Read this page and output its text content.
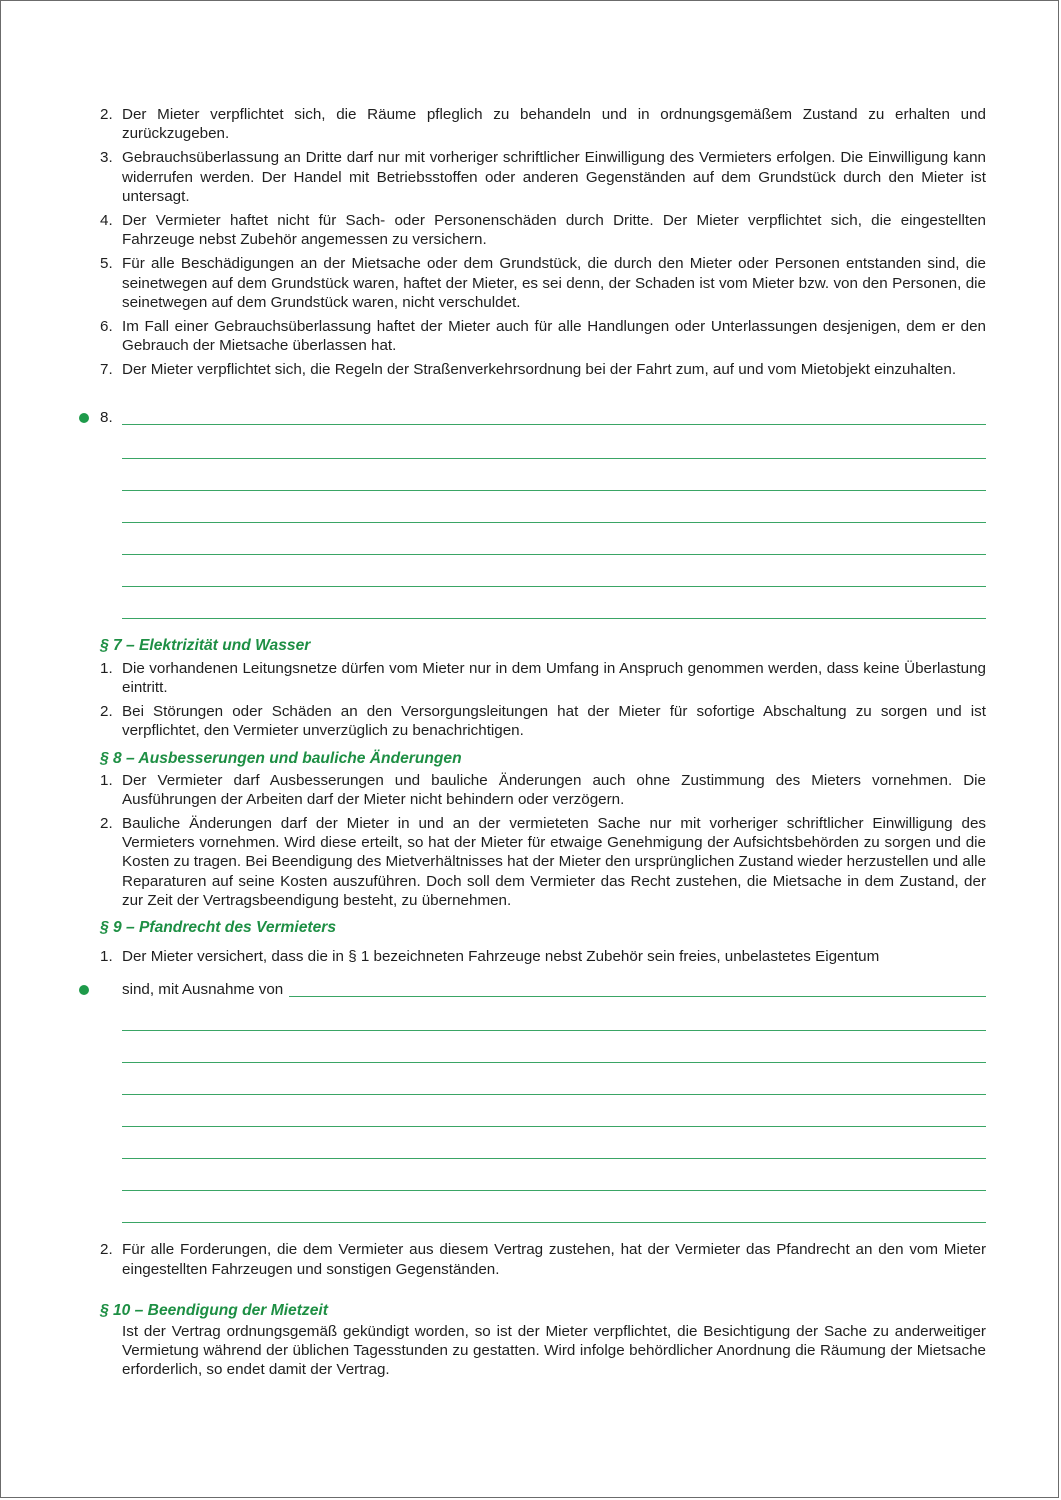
2. Der Mieter verpflichtet sich, die Räume pfleglich zu behandeln und in ordnungsgemäßem Zustand zu erhalten und zurückzugeben.
3. Gebrauchsüberlassung an Dritte darf nur mit vorheriger schriftlicher Einwilligung des Vermieters erfolgen. Die Einwilligung kann widerrufen werden. Der Handel mit Betriebsstoffen oder anderen Gegenständen auf dem Grundstück durch den Mieter ist untersagt.
4. Der Vermieter haftet nicht für Sach- oder Personenschäden durch Dritte. Der Mieter verpflichtet sich, die eingestellten Fahrzeuge nebst Zubehör angemessen zu versichern.
5. Für alle Beschädigungen an der Mietsache oder dem Grundstück, die durch den Mieter oder Personen entstanden sind, die seinetwegen auf dem Grundstück waren, haftet der Mieter, es sei denn, der Schaden ist vom Mieter bzw. von den Personen, die seinetwegen auf dem Grundstück waren, nicht verschuldet.
6. Im Fall einer Gebrauchsüberlassung haftet der Mieter auch für alle Handlungen oder Unterlassungen desjenigen, dem er den Gebrauch der Mietsache überlassen hat.
7. Der Mieter verpflichtet sich, die Regeln der Straßenverkehrsordnung bei der Fahrt zum, auf und vom Mietobjekt einzuhalten.
8.
§ 7 – Elektrizität und Wasser
1. Die vorhandenen Leitungsnetze dürfen vom Mieter nur in dem Umfang in Anspruch genommen werden, dass keine Überlastung eintritt.
2. Bei Störungen oder Schäden an den Versorgungsleitungen hat der Mieter für sofortige Abschaltung zu sorgen und ist verpflichtet, den Vermieter unverzüglich zu benachrichtigen.
§ 8 – Ausbesserungen und bauliche Änderungen
1. Der Vermieter darf Ausbesserungen und bauliche Änderungen auch ohne Zustimmung des Mieters vornehmen. Die Ausführungen der Arbeiten darf der Mieter nicht behindern oder verzögern.
2. Bauliche Änderungen darf der Mieter in und an der vermieteten Sache nur mit vorheriger schriftlicher Einwilligung des Vermieters vornehmen. Wird diese erteilt, so hat der Mieter für etwaige Genehmigung der Aufsichtsbehörden zu sorgen und die Kosten zu tragen. Bei Beendigung des Mietverhältnisses hat der Mieter den ursprünglichen Zustand wieder herzustellen und alle Reparaturen auf seine Kosten auszuführen. Doch soll dem Vermieter das Recht zustehen, die Mietsache in dem Zustand, der zur Zeit der Vertragsbeendigung besteht, zu übernehmen.
§ 9 – Pfandrecht des Vermieters
1. Der Mieter versichert, dass die in § 1 bezeichneten Fahrzeuge nebst Zubehör sein freies, unbelastetes Eigentum
sind, mit Ausnahme von
2. Für alle Forderungen, die dem Vermieter aus diesem Vertrag zustehen, hat der Vermieter das Pfandrecht an den vom Mieter eingestellten Fahrzeugen und sonstigen Gegenständen.
§ 10 – Beendigung der Mietzeit
Ist der Vertrag ordnungsgemäß gekündigt worden, so ist der Mieter verpflichtet, die Besichtigung der Sache zu anderweitiger Vermietung während der üblichen Tagesstunden zu gestatten. Wird infolge behördlicher Anordnung die Räumung der Mietsache erforderlich, so endet damit der Vertrag.
